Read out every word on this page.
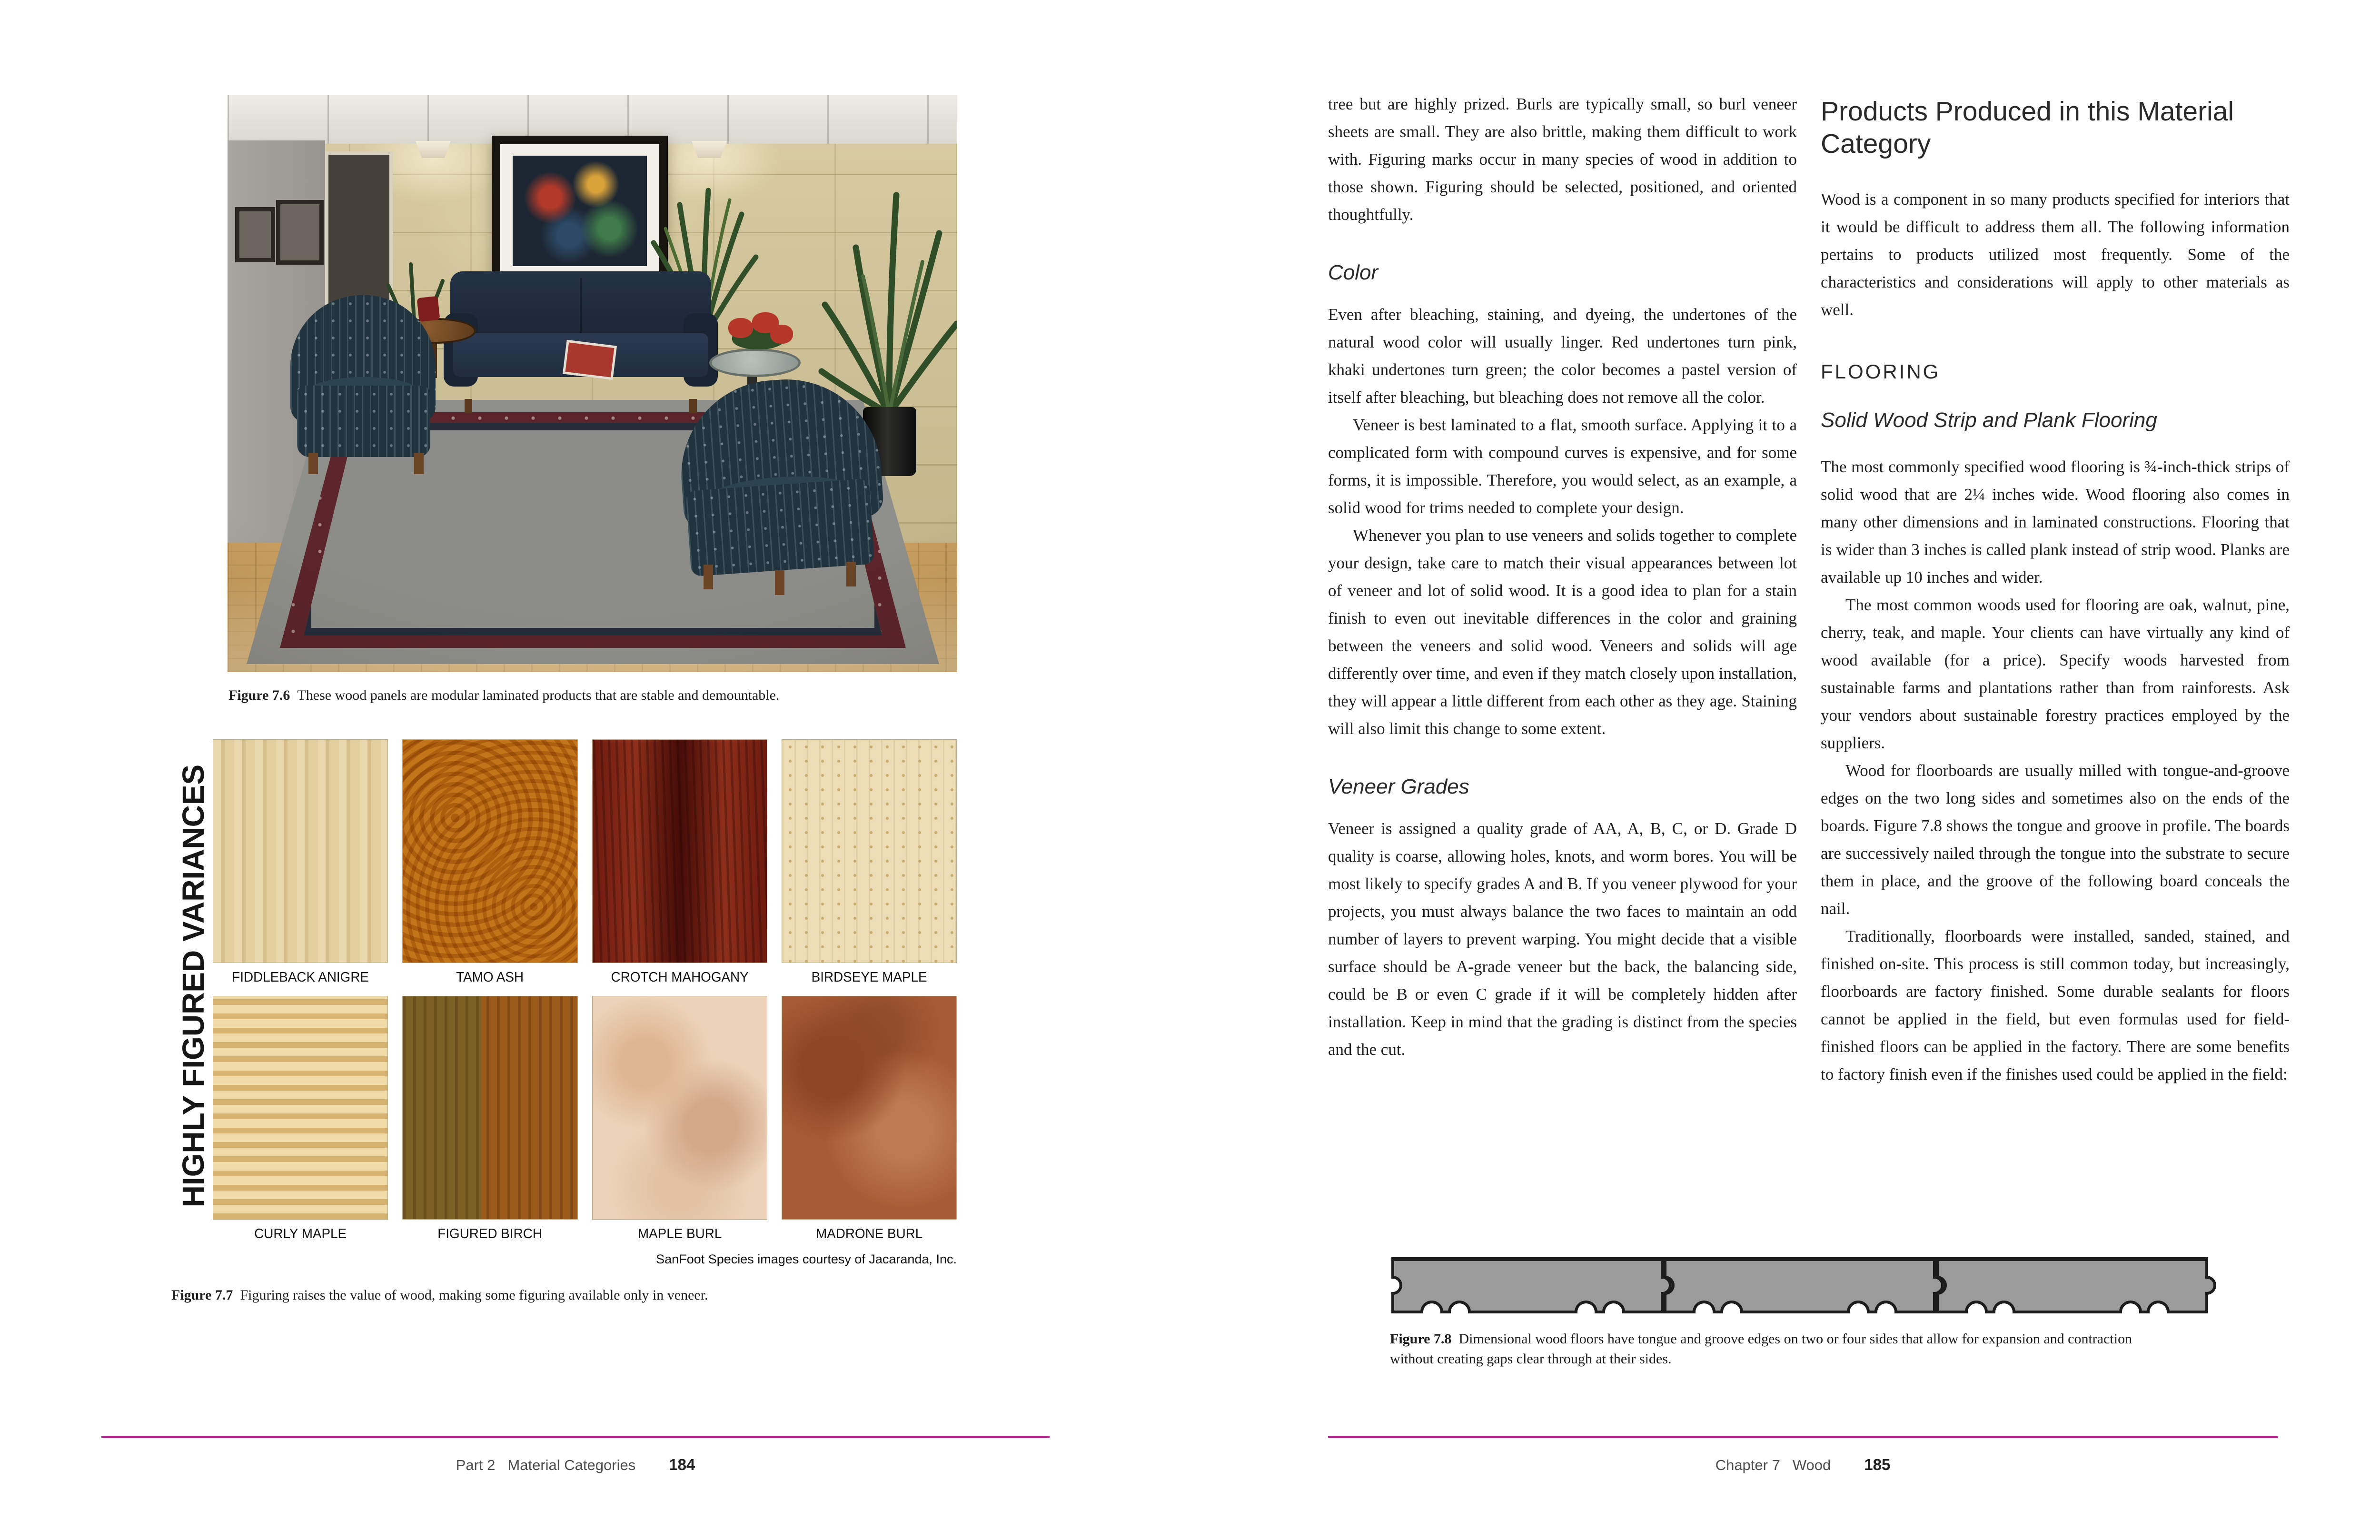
Figure 7.6 These wood panels are modular laminated products that are stable and demountable.
HIGHLY FIGURED VARIANCES	FIDDLEBACK ANIGRE	TAMO ASH	CROTCH MAHOGANY	BIRDSEYE MAPLE
CURLY MAPLE	FIGURED BIRCH	MAPLE BURL	MADRONE BURL
SanFoot Species images courtesy of Jacaranda, Inc.
Figure 7.7 Figuring raises the value of wood, making some figuring available only in veneer.
Part 2 Material Categories 184

tree but are highly prized. Burls are typically small, so burl veneer sheets are small. They are also brittle, making them difficult to work with. Figuring marks occur in many species of wood in addition to those shown. Figuring should be selected, positioned, and oriented thoughtfully.

Color

Even after bleaching, staining, and dyeing, the undertones of the natural wood color will usually linger. Red undertones turn pink, khaki undertones turn green; the color becomes a pastel version of itself after bleaching, but bleaching does not remove all the color.

Veneer is best laminated to a flat, smooth surface. Applying it to a complicated form with compound curves is expensive, and for some forms, it is impossible. Therefore, you would select, as an example, a solid wood for trims needed to complete your design.

Whenever you plan to use veneers and solids together to complete your design, take care to match their visual appearances between lot of veneer and lot of solid wood. It is a good idea to plan for a stain finish to even out inevitable differences in the color and graining between the veneers and solid wood. Veneers and solids will age differently over time, and even if they match closely upon installation, they will appear a little different from each other as they age. Staining will also limit this change to some extent.

Veneer Grades

Veneer is assigned a quality grade of AA, A, B, C, or D. Grade D quality is coarse, allowing holes, knots, and worm bores. You will be most likely to specify grades A and B. If you veneer plywood for your projects, you must always balance the two faces to maintain an odd number of layers to prevent warping. You might decide that a visible surface should be A-grade veneer but the back, the balancing side, could be B or even C grade if it will be completely hidden after installation. Keep in mind that the grading is distinct from the species and the cut.

Products Produced in this Material Category

Wood is a component in so many products specified for interiors that it would be difficult to address them all. The following information pertains to products utilized most frequently. Some of the characteristics and considerations will apply to other materials as well.

FLOORING
Solid Wood Strip and Plank Flooring

The most commonly specified wood flooring is ¾-inch-thick strips of solid wood that are 2¼ inches wide. Wood flooring also comes in many other dimensions and in laminated constructions. Flooring that is wider than 3 inches is called plank instead of strip wood. Planks are available up 10 inches and wider.

The most common woods used for flooring are oak, walnut, pine, cherry, teak, and maple. Your clients can have virtually any kind of wood available (for a price). Specify woods harvested from sustainable farms and plantations rather than from rainforests. Ask your vendors about sustainable forestry practices employed by the suppliers.

Wood for floorboards are usually milled with tongue-and-groove edges on the two long sides and sometimes also on the ends of the boards. Figure 7.8 shows the tongue and groove in profile. The boards are successively nailed through the tongue into the substrate to secure them in place, and the groove of the following board conceals the nail.

Traditionally, floorboards were installed, sanded, stained, and finished on-site. This process is still common today, but increasingly, floorboards are factory finished. Some durable sealants for floors cannot be applied in the field, but even formulas used for field-finished floors can be applied in the factory. There are some benefits to factory finish even if the finishes used could be applied in the field:

Figure 7.8 Dimensional wood floors have tongue and groove edges on two or four sides that allow for expansion and contraction without creating gaps clear through at their sides.
Chapter 7 Wood 185
